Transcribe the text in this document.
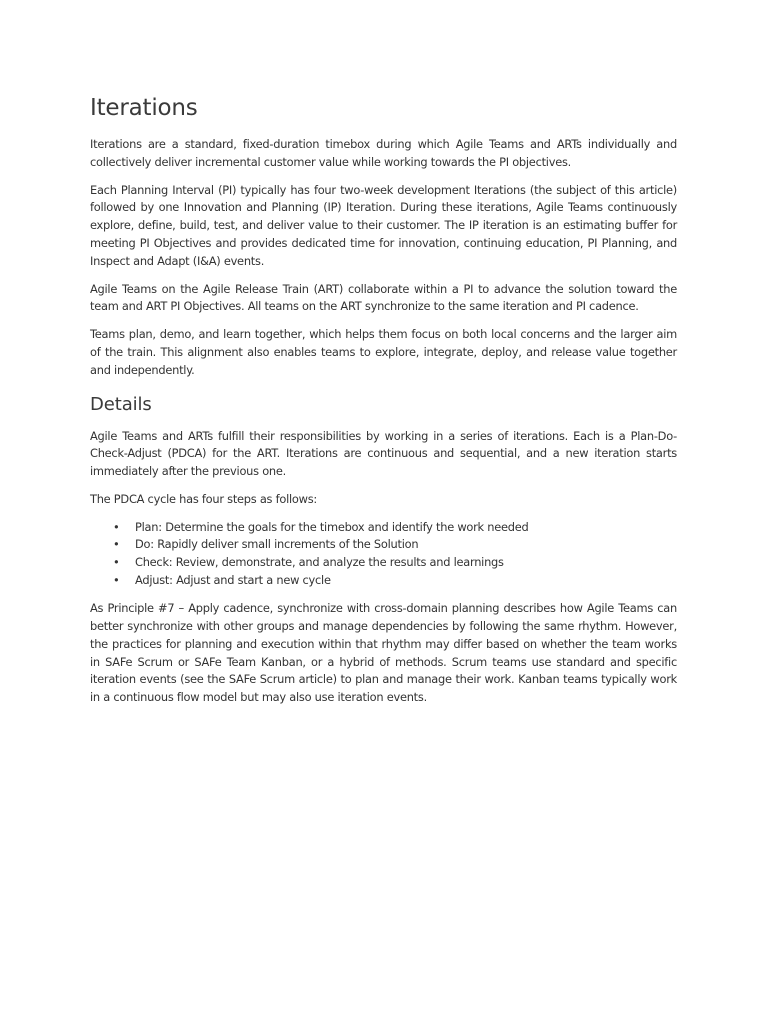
Iterations

Iterations are a standard, fixed-duration timebox during which Agile Teams and ARTs individually and collectively deliver incremental customer value while working towards the PI objectives.

Each Planning Interval (PI) typically has four two-week development Iterations (the subject of this article) followed by one Innovation and Planning (IP) Iteration. During these iterations, Agile Teams continuously explore, define, build, test, and deliver value to their customer. The IP iteration is an estimating buffer for meeting PI Objectives and provides dedicated time for innovation, continuing education, PI Planning, and Inspect and Adapt (I&A) events.

Agile Teams on the Agile Release Train (ART) collaborate within a PI to advance the solution toward the team and ART PI Objectives. All teams on the ART synchronize to the same iteration and PI cadence.

Teams plan, demo, and learn together, which helps them focus on both local concerns and the larger aim of the train. This alignment also enables teams to explore, integrate, deploy, and release value together and independently.

Details

Agile Teams and ARTs fulfill their responsibilities by working in a series of iterations. Each is a Plan-Do-Check-Adjust (PDCA) for the ART. Iterations are continuous and sequential, and a new iteration starts immediately after the previous one.

The PDCA cycle has four steps as follows:

• Plan: Determine the goals for the timebox and identify the work needed
• Do: Rapidly deliver small increments of the Solution
• Check: Review, demonstrate, and analyze the results and learnings
• Adjust: Adjust and start a new cycle

As Principle #7 – Apply cadence, synchronize with cross-domain planning describes how Agile Teams can better synchronize with other groups and manage dependencies by following the same rhythm. However, the practices for planning and execution within that rhythm may differ based on whether the team works in SAFe Scrum or SAFe Team Kanban, or a hybrid of methods. Scrum teams use standard and specific iteration events (see the SAFe Scrum article) to plan and manage their work. Kanban teams typically work in a continuous flow model but may also use iteration events.
